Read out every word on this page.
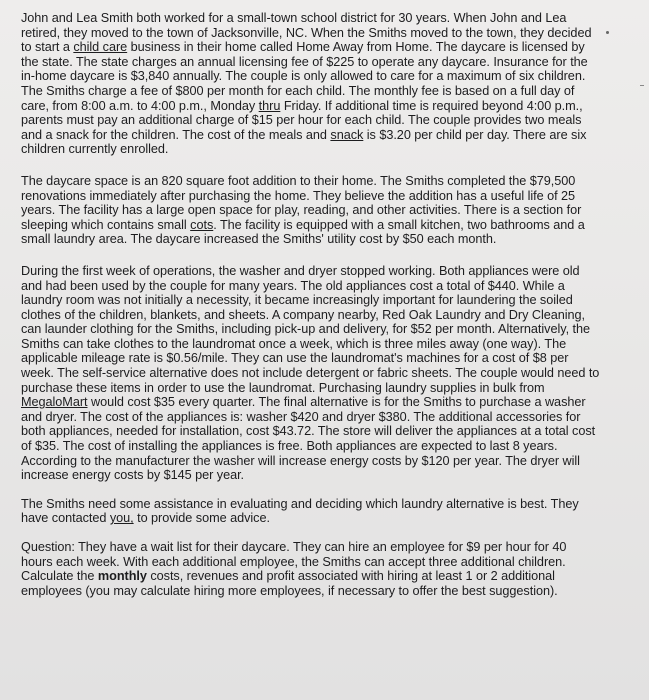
John and Lea Smith both worked for a small-town school district for 30 years. When John and Lea retired, they moved to the town of Jacksonville, NC. When the Smiths moved to the town, they decided to start a child care business in their home called Home Away from Home. The daycare is licensed by the state. The state charges an annual licensing fee of $225 to operate any daycare. Insurance for the in-home daycare is $3,840 annually. The couple is only allowed to care for a maximum of six children. The Smiths charge a fee of $800 per month for each child. The monthly fee is based on a full day of care, from 8:00 a.m. to 4:00 p.m., Monday thru Friday. If additional time is required beyond 4:00 p.m., parents must pay an additional charge of $15 per hour for each child. The couple provides two meals and a snack for the children. The cost of the meals and snack is $3.20 per child per day. There are six children currently enrolled.

The daycare space is an 820 square foot addition to their home. The Smiths completed the $79,500 renovations immediately after purchasing the home. They believe the addition has a useful life of 25 years. The facility has a large open space for play, reading, and other activities. There is a section for sleeping which contains small cots. The facility is equipped with a small kitchen, two bathrooms and a small laundry area. The daycare increased the Smiths' utility cost by $50 each month.

During the first week of operations, the washer and dryer stopped working. Both appliances were old and had been used by the couple for many years. The old appliances cost a total of $440. While a laundry room was not initially a necessity, it became increasingly important for laundering the soiled clothes of the children, blankets, and sheets. A company nearby, Red Oak Laundry and Dry Cleaning, can launder clothing for the Smiths, including pick-up and delivery, for $52 per month. Alternatively, the Smiths can take clothes to the laundromat once a week, which is three miles away (one way). The applicable mileage rate is $0.56/mile. They can use the laundromat's machines for a cost of $8 per week. The self-service alternative does not include detergent or fabric sheets. The couple would need to purchase these items in order to use the laundromat. Purchasing laundry supplies in bulk from MegaloMart would cost $35 every quarter. The final alternative is for the Smiths to purchase a washer and dryer. The cost of the appliances is: washer $420 and dryer $380. The additional accessories for both appliances, needed for installation, cost $43.72. The store will deliver the appliances at a total cost of $35. The cost of installing the appliances is free. Both appliances are expected to last 8 years. According to the manufacturer the washer will increase energy costs by $120 per year. The dryer will increase energy costs by $145 per year.

The Smiths need some assistance in evaluating and deciding which laundry alternative is best. They have contacted you, to provide some advice.

Question: They have a wait list for their daycare. They can hire an employee for $9 per hour for 40 hours each week. With each additional employee, the Smiths can accept three additional children. Calculate the monthly costs, revenues and profit associated with hiring at least 1 or 2 additional employees (you may calculate hiring more employees, if necessary to offer the best suggestion).
